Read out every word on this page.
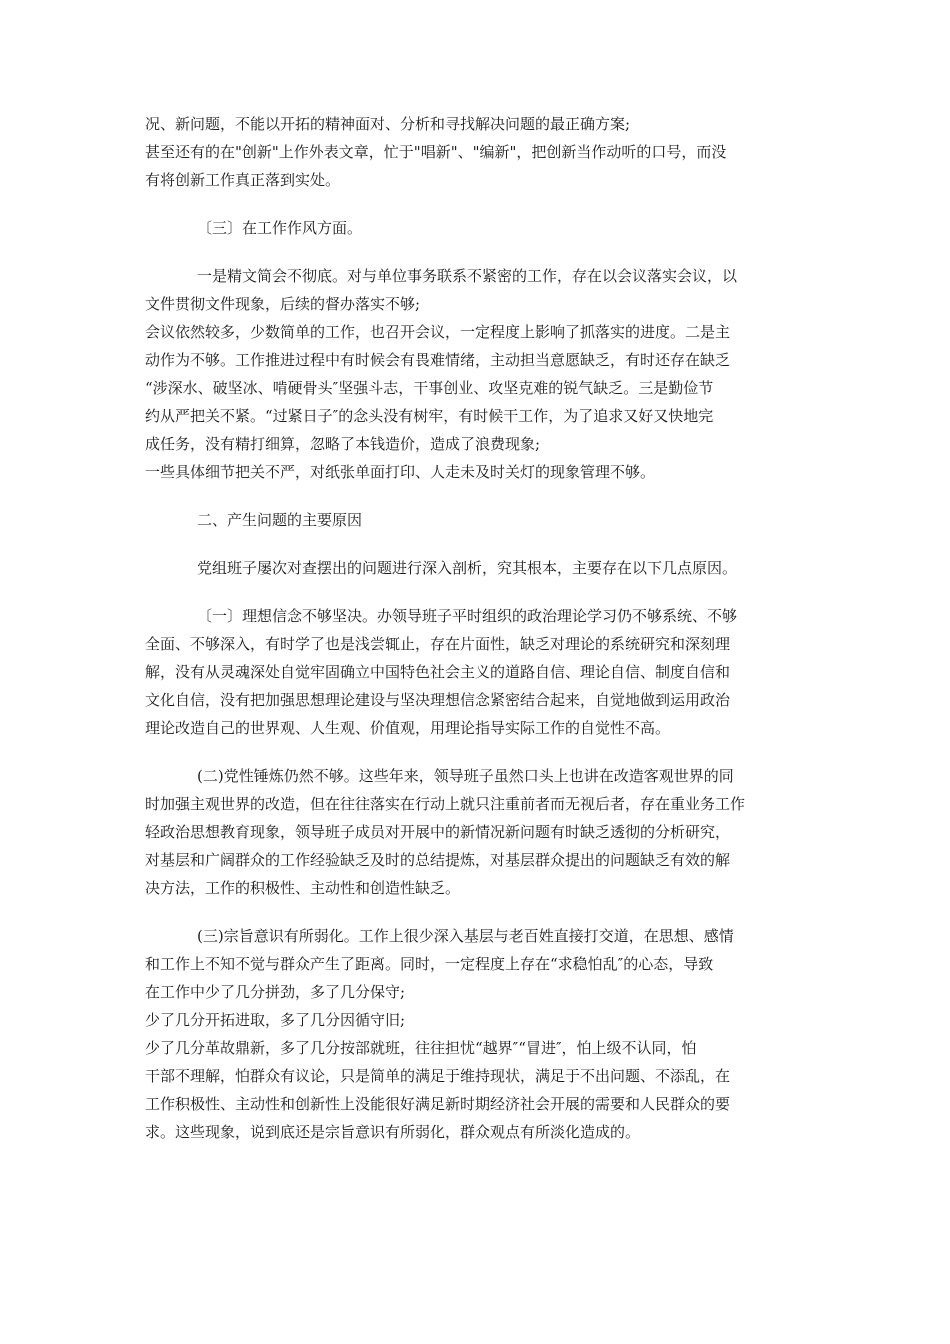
况、新问题，不能以开拓的精神面对、分析和寻找解决问题的最正确方案;
甚至还有的在"创新"上作外表文章，忙于"唱新"、"编新"，把创新当作动听的口号，而没
有将创新工作真正落到实处。
〔三〕在工作作风方面。
一是精文简会不彻底。对与单位事务联系不紧密的工作，存在以会议落实会议，以
文件贯彻文件现象，后续的督办落实不够;
会议依然较多，少数简单的工作，也召开会议，一定程度上影响了抓落实的进度。二是主
动作为不够。工作推进过程中有时候会有畏难情绪，主动担当意愿缺乏，有时还存在缺乏
“涉深水、破坚冰、啃硬骨头″坚强斗志，干事创业、攻坚克难的锐气缺乏。三是勤俭节
约从严把关不紧。“过紧日子″的念头没有树牢，有时候干工作，为了追求又好又快地完
成任务，没有精打细算，忽略了本钱造价，造成了浪费现象;
一些具体细节把关不严，对纸张单面打印、人走未及时关灯的现象管理不够。
二、产生问题的主要原因
党组班子屡次对查摆出的问题进行深入剖析，究其根本，主要存在以下几点原因。
〔一〕理想信念不够坚决。办领导班子平时组织的政治理论学习仍不够系统、不够
全面、不够深入，有时学了也是浅尝辄止，存在片面性，缺乏对理论的系统研究和深刻理
解，没有从灵魂深处自觉牢固确立中国特色社会主义的道路自信、理论自信、制度自信和
文化自信，没有把加强思想理论建设与坚决理想信念紧密结合起来，自觉地做到运用政治
理论改造自己的世界观、人生观、价值观，用理论指导实际工作的自觉性不高。
(二)党性锤炼仍然不够。这些年来，领导班子虽然口头上也讲在改造客观世界的同
时加强主观世界的改造，但在往往落实在行动上就只注重前者而无视后者，存在重业务工作
轻政治思想教育现象，领导班子成员对开展中的新情况新问题有时缺乏透彻的分析研究，
对基层和广阔群众的工作经验缺乏及时的总结提炼，对基层群众提出的问题缺乏有效的解
决方法，工作的积极性、主动性和创造性缺乏。
(三)宗旨意识有所弱化。工作上很少深入基层与老百姓直接打交道，在思想、感情
和工作上不知不觉与群众产生了距离。同时，一定程度上存在“求稳怕乱″的心态，导致
在工作中少了几分拼劲，多了几分保守;
少了几分开拓进取，多了几分因循守旧;
少了几分革故鼎新，多了几分按部就班，往往担忧“越界″“冒进″，怕上级不认同，怕
干部不理解，怕群众有议论，只是简单的满足于维持现状，满足于不出问题、不添乱，在
工作积极性、主动性和创新性上没能很好满足新时期经济社会开展的需要和人民群众的要
求。这些现象，说到底还是宗旨意识有所弱化，群众观点有所淡化造成的。
